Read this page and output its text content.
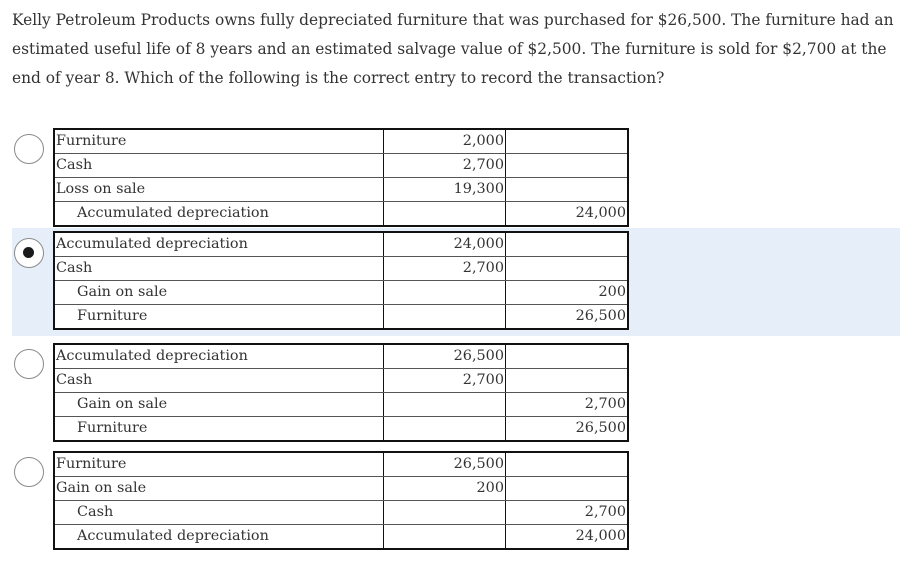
Kelly Petroleum Products owns fully depreciated furniture that was purchased for $26,500. The furniture had an estimated useful life of 8 years and an estimated salvage value of $2,500. The furniture is sold for $2,700 at the end of year 8. Which of the following is the correct entry to record the transaction?
Furniture	2,000	
Cash	2,700	
Loss on sale	19,300	
Accumulated depreciation		24,000
Accumulated depreciation	24,000	
Cash	2,700	
Gain on sale		200
Furniture		26,500
Accumulated depreciation	26,500	
Cash	2,700	
Gain on sale		2,700
Furniture		26,500
Furniture	26,500	
Gain on sale	200	
Cash		2,700
Accumulated depreciation		24,000
